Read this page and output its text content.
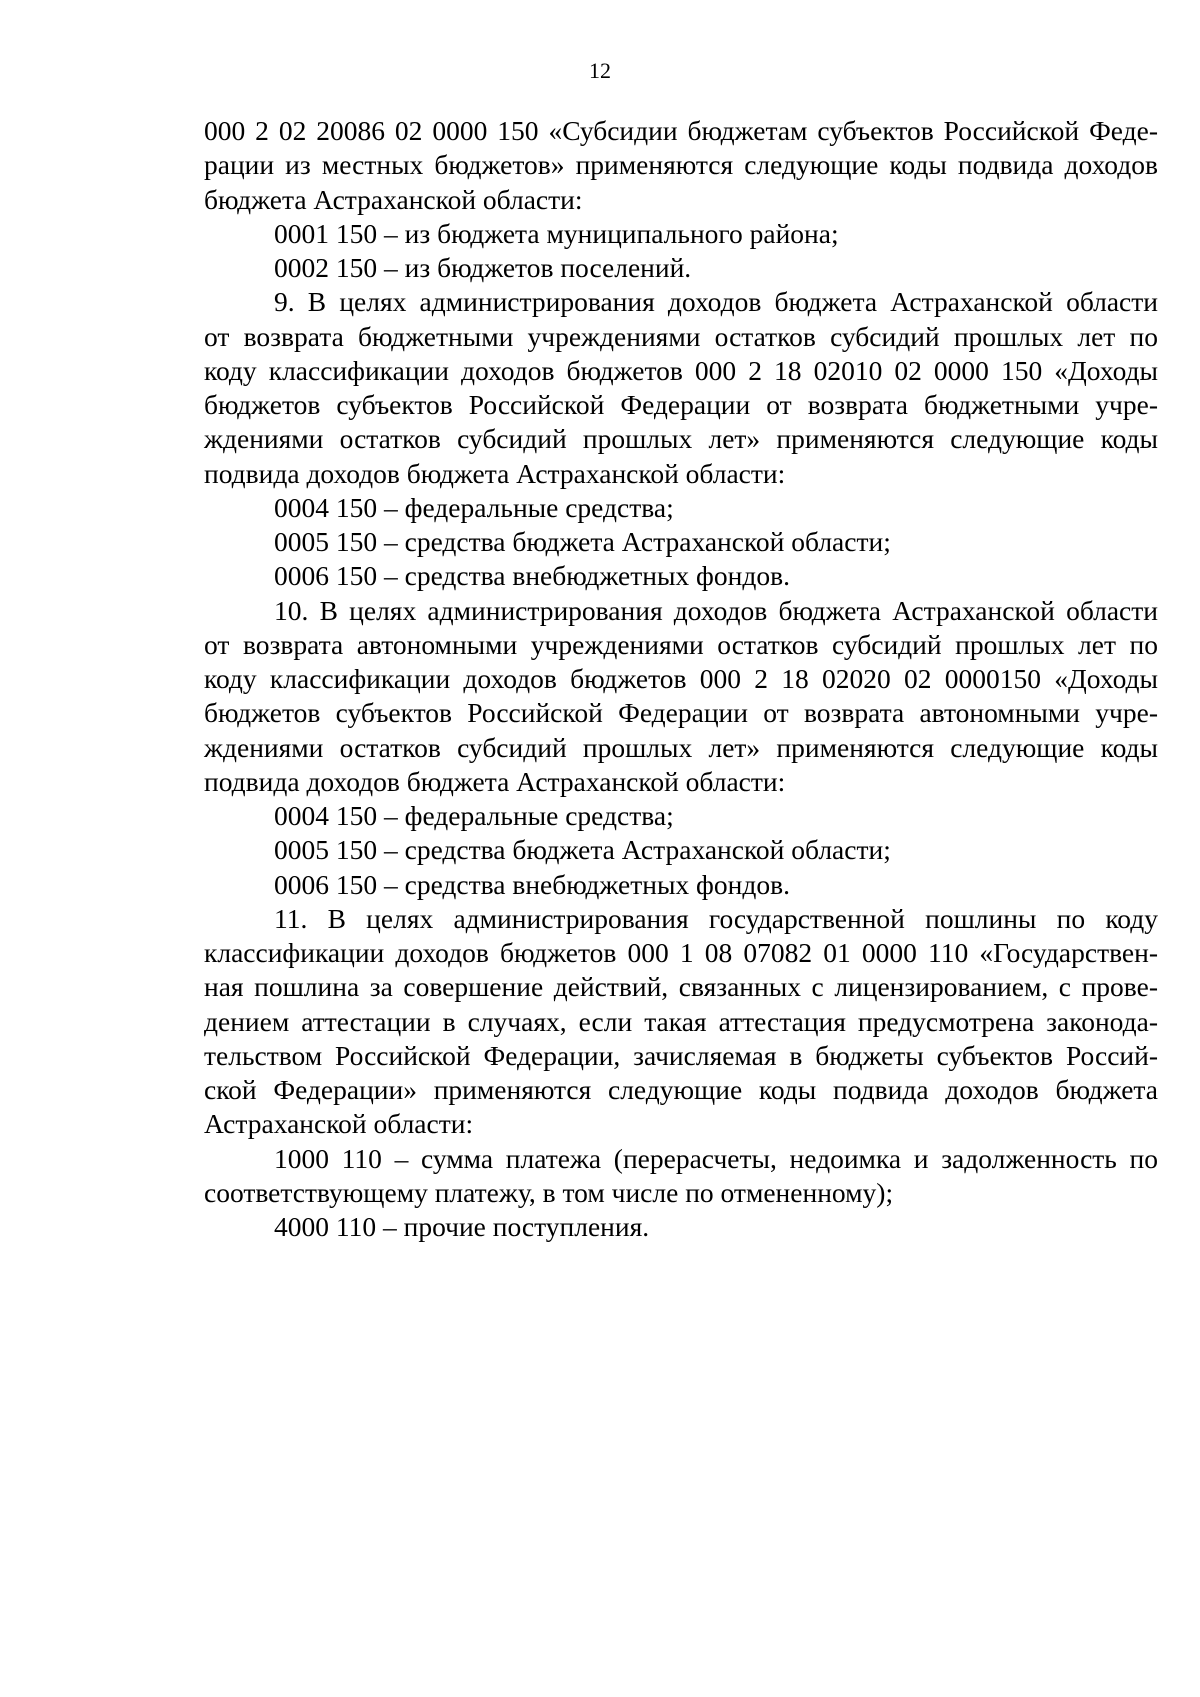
12
000 2 02 20086 02 0000 150 «Субсидии бюджетам субъектов Российской Феде-
рации из местных бюджетов» применяются следующие коды подвида доходов
бюджета Астраханской области:
0001 150 – из бюджета муниципального района;
0002 150 – из бюджетов поселений.
9. В целях администрирования доходов бюджета Астраханской области
от возврата бюджетными учреждениями остатков субсидий прошлых лет по
коду классификации доходов бюджетов 000 2 18 02010 02 0000 150 «Доходы
бюджетов субъектов Российской Федерации от возврата бюджетными учре-
ждениями остатков субсидий прошлых лет» применяются следующие коды
подвида доходов бюджета Астраханской области:
0004 150 – федеральные средства;
0005 150 – средства бюджета Астраханской области;
0006 150 – средства внебюджетных фондов.
10. В целях администрирования доходов бюджета Астраханской области
от возврата автономными учреждениями остатков субсидий прошлых лет по
коду классификации доходов бюджетов 000 2 18 02020 02 0000150 «Доходы
бюджетов субъектов Российской Федерации от возврата автономными учре-
ждениями остатков субсидий прошлых лет» применяются следующие коды
подвида доходов бюджета Астраханской области:
0004 150 – федеральные средства;
0005 150 – средства бюджета Астраханской области;
0006 150 – средства внебюджетных фондов.
11. В целях администрирования государственной пошлины по коду
классификации доходов бюджетов 000 1 08 07082 01 0000 110 «Государствен-
ная пошлина за совершение действий, связанных с лицензированием, с прове-
дением аттестации в случаях, если такая аттестация предусмотрена законода-
тельством Российской Федерации, зачисляемая в бюджеты субъектов Россий-
ской Федерации» применяются следующие коды подвида доходов бюджета
Астраханской области:
1000 110 – сумма платежа (перерасчеты, недоимка и задолженность по
соответствующему платежу, в том числе по отмененному);
4000 110 – прочие поступления.
